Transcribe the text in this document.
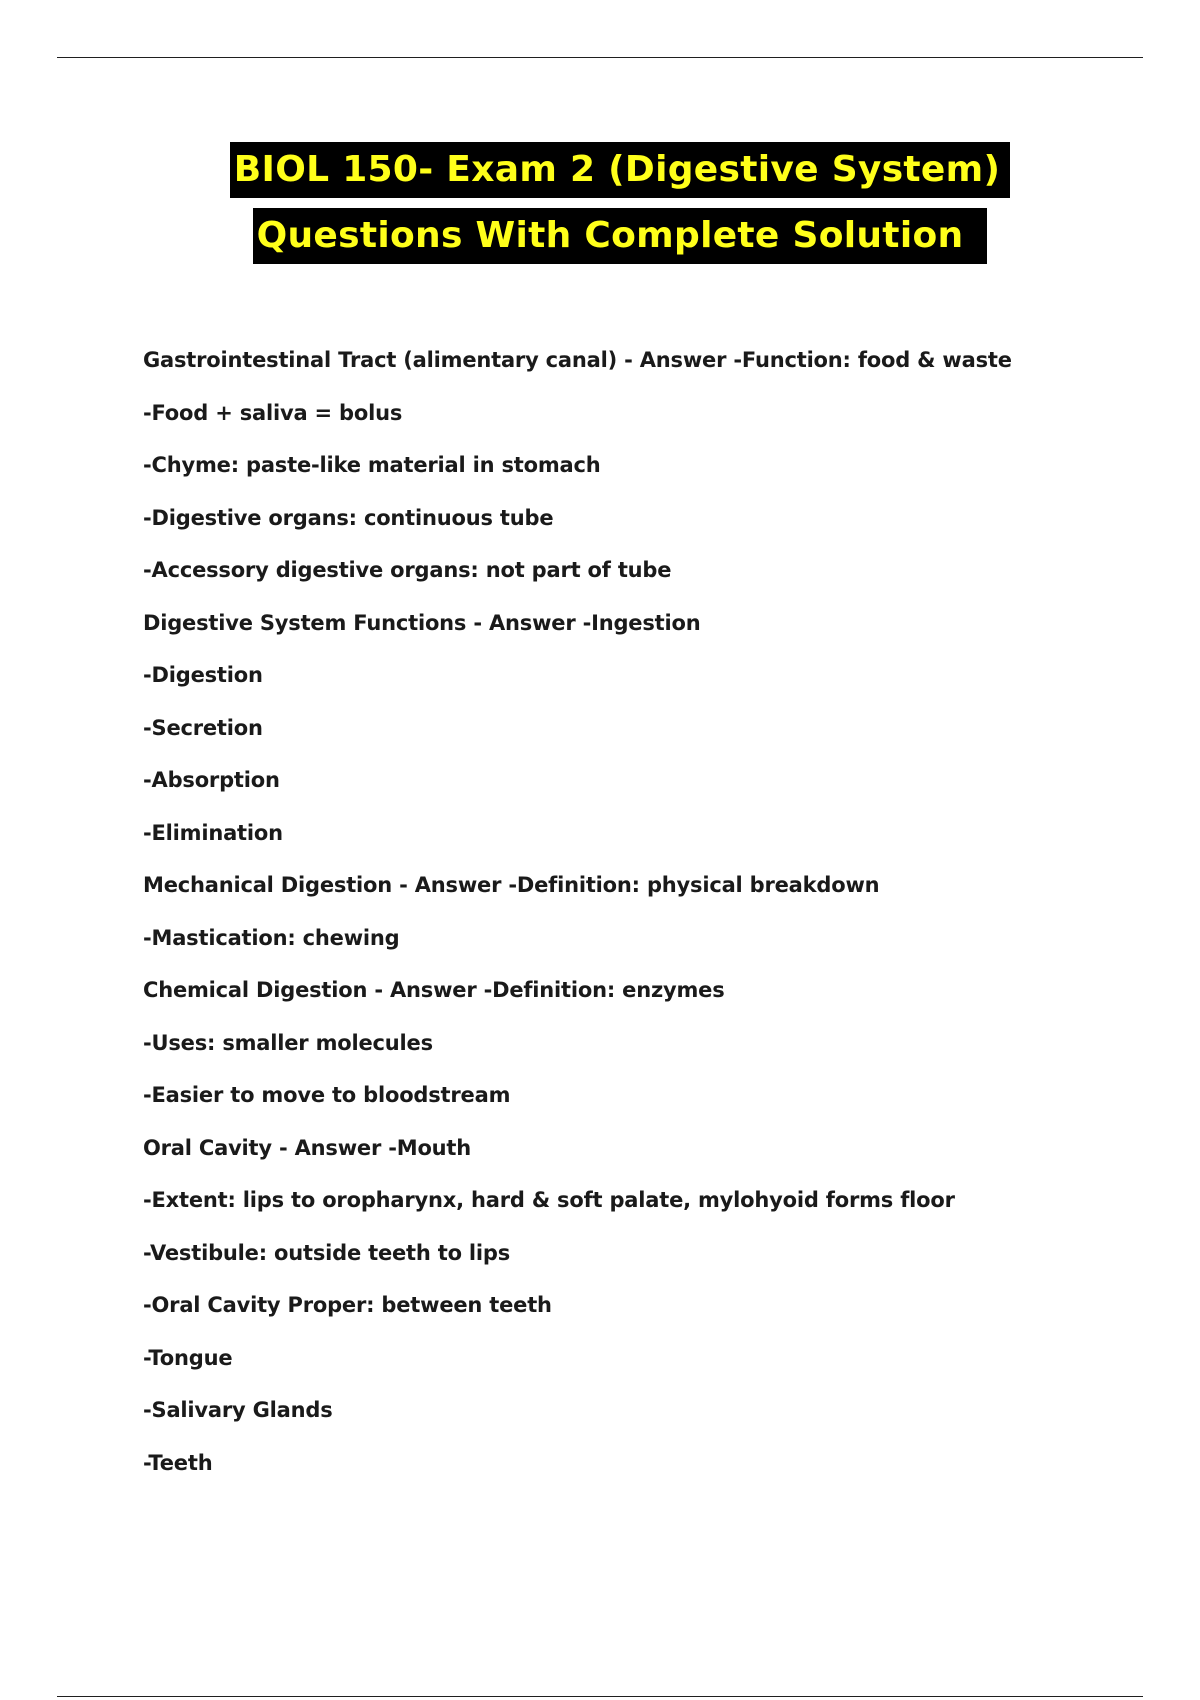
BIOL 150- Exam 2 (Digestive System)
Questions With Complete Solution
Gastrointestinal Tract (alimentary canal) - Answer -Function: food & waste
-Food + saliva = bolus
-Chyme: paste-like material in stomach
-Digestive organs: continuous tube
-Accessory digestive organs: not part of tube
Digestive System Functions - Answer -Ingestion
-Digestion
-Secretion
-Absorption
-Elimination
Mechanical Digestion - Answer -Definition: physical breakdown
-Mastication: chewing
Chemical Digestion - Answer -Definition: enzymes
-Uses: smaller molecules
-Easier to move to bloodstream
Oral Cavity - Answer -Mouth
-Extent: lips to oropharynx, hard & soft palate, mylohyoid forms floor
-Vestibule: outside teeth to lips
-Oral Cavity Proper: between teeth
-Tongue
-Salivary Glands
-Teeth
